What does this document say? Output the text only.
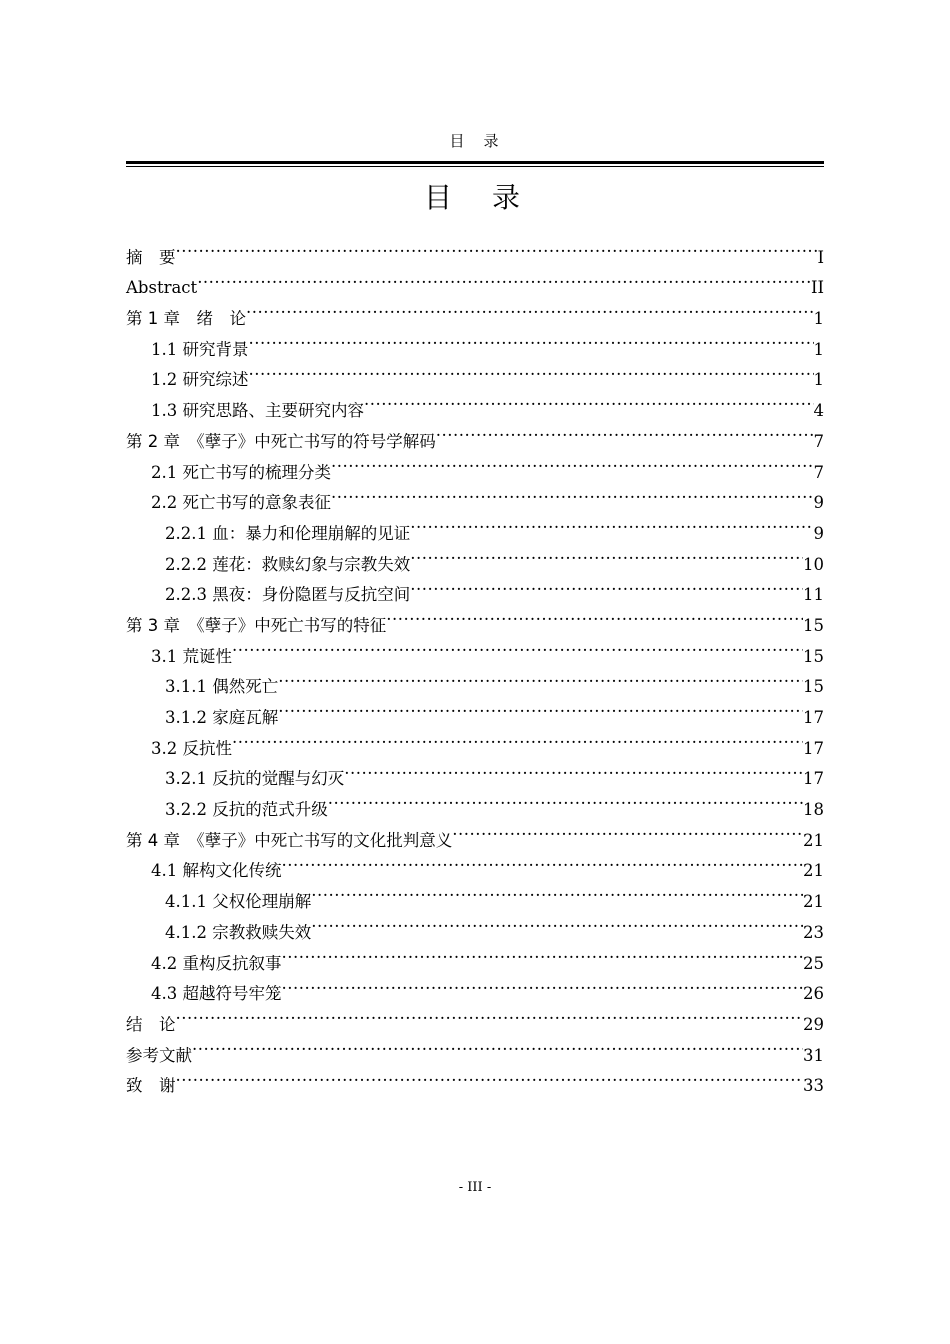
目　录
目　录
摘　要 .....	I
Abstract .....	II
第 1 章　绪　论 .....	1
1.1 研究背景 .....	1
1.2 研究综述 .....	1
1.3 研究思路、主要研究内容 .....	4
第 2 章　《孽子》中死亡书写的符号学解码 .....	7
2.1 死亡书写的梳理分类 .....	7
2.2 死亡书写的意象表征 .....	9
2.2.1 血：暴力和伦理崩解的见证 .....	9
2.2.2 莲花：救赎幻象与宗教失效 .....	10
2.2.3 黑夜：身份隐匿与反抗空间 .....	11
第 3 章　《孽子》中死亡书写的特征 .....	15
3.1 荒诞性 .....	15
3.1.1 偶然死亡 .....	15
3.1.2 家庭瓦解 .....	17
3.2 反抗性 .....	17
3.2.1 反抗的觉醒与幻灭 .....	17
3.2.2 反抗的范式升级 .....	18
第 4 章　《孽子》中死亡书写的文化批判意义 .....	21
4.1 解构文化传统 .....	21
4.1.1 父权伦理崩解 .....	21
4.1.2 宗教救赎失效 .....	23
4.2 重构反抗叙事 .....	25
4.3 超越符号牢笼 .....	26
结　论 .....	29
参考文献 .....	31
致　谢 .....	33
- III -
